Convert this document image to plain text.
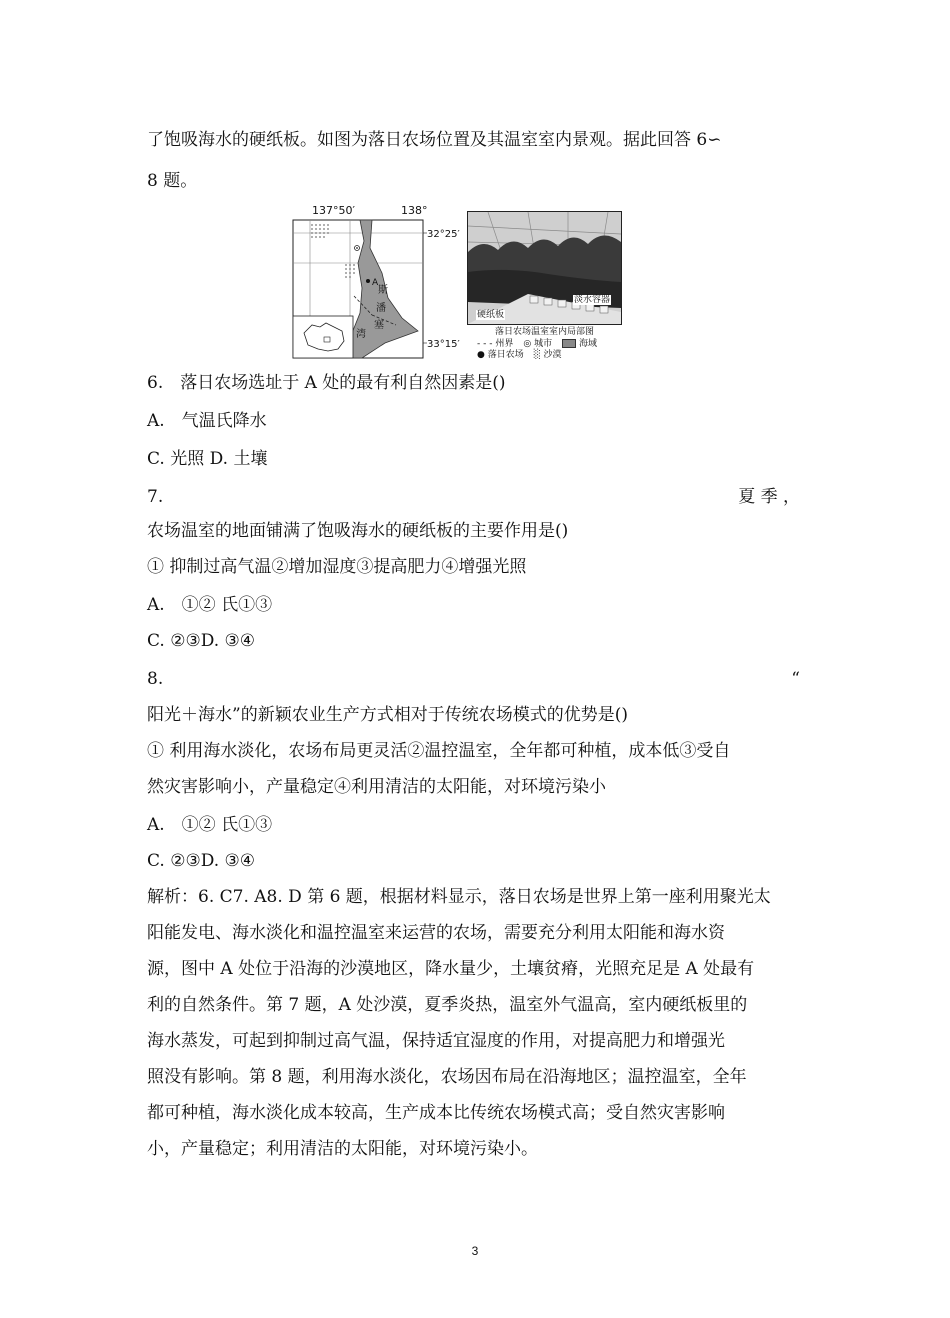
了饱吸海水的硬纸板。如图为落日农场位置及其温室室内景观。据此回答 6∽
8 题。
137°50′	138°
32°25′
33°15′
A
斯
潘
塞
湾
淡水容器
硬纸板
落日农场温室室内局部图
- - - 州界 ◎ 城市	海域
● 落日农场 ░ 沙漠
6.　落日农场选址于 A 处的最有利自然因素是()
A.　气温氏降水
C. 光照 D. 土壤
7.	夏 季 ，
农场温室的地面铺满了饱吸海水的硬纸板的主要作用是()
① 抑制过高气温②增加湿度③提高肥力④增强光照
A.　①② 氏①③
C. ②③D. ③④
8.	“
阳光＋海水”的新颖农业生产方式相对于传统农场模式的优势是()
① 利用海水淡化，农场布局更灵活②温控温室，全年都可种植，成本低③受自
然灾害影响小，产量稳定④利用清洁的太阳能，对环境污染小
A.　①② 氏①③
C. ②③D. ③④
解析：6. C7. A8. D 第 6 题，根据材料显示，落日农场是世界上第一座利用聚光太
阳能发电、海水淡化和温控温室来运营的农场，需要充分利用太阳能和海水资
源，图中 A 处位于沿海的沙漠地区，降水量少，土壤贫瘠，光照充足是 A 处最有
利的自然条件。第 7 题，A 处沙漠，夏季炎热，温室外气温高，室内硬纸板里的
海水蒸发，可起到抑制过高气温，保持适宜湿度的作用，对提高肥力和增强光
照没有影响。第 8 题，利用海水淡化，农场因布局在沿海地区；温控温室，全年
都可种植，海水淡化成本较高，生产成本比传统农场模式高；受自然灾害影响
小，产量稳定；利用清洁的太阳能，对环境污染小。
3
